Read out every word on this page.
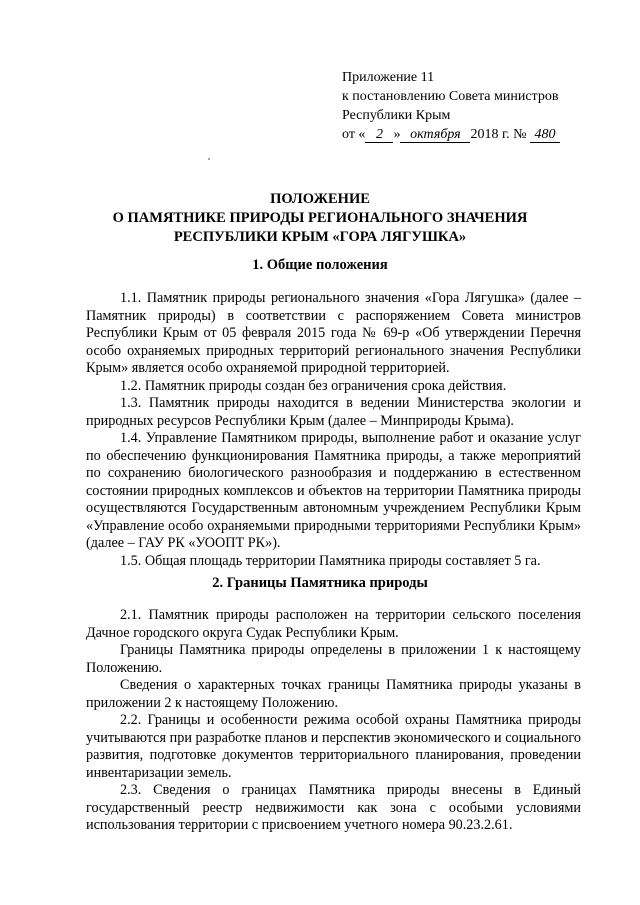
Приложение 11
к постановлению Совета министров
Республики Крым
от « 2 » октября 2018 г. № 480
ПОЛОЖЕНИЕ
О ПАМЯТНИКЕ ПРИРОДЫ РЕГИОНАЛЬНОГО ЗНАЧЕНИЯ
РЕСПУБЛИКИ КРЫМ «ГОРА ЛЯГУШКА»
1. Общие положения

1.1. Памятник природы регионального значения «Гора Лягушка» (далее – Памятник природы) в соответствии с распоряжением Совета министров Республики Крым от 05 февраля 2015 года № 69-р «Об утверждении Перечня особо охраняемых природных территорий регионального значения Республики Крым» является особо охраняемой природной территорией.

1.2. Памятник природы создан без ограничения срока действия.

1.3. Памятник природы находится в ведении Министерства экологии и природных ресурсов Республики Крым (далее – Минприроды Крыма).

1.4. Управление Памятником природы, выполнение работ и оказание услуг по обеспечению функционирования Памятника природы, а также мероприятий по сохранению биологического разнообразия и поддержанию в естественном состоянии природных комплексов и объектов на территории Памятника природы осуществляются Государственным автономным учреждением Республики Крым «Управление особо охраняемыми природными территориями Республики Крым» (далее – ГАУ РК «УООПТ РК»).

1.5. Общая площадь территории Памятника природы составляет 5 га.

2. Границы Памятника природы

2.1. Памятник природы расположен на территории сельского поселения Дачное городского округа Судак Республики Крым.

Границы Памятника природы определены в приложении 1 к настоящему Положению.

Сведения о характерных точках границы Памятника природы указаны в приложении 2 к настоящему Положению.

2.2. Границы и особенности режима особой охраны Памятника природы учитываются при разработке планов и перспектив экономического и социального развития, подготовке документов территориального планирования, проведении инвентаризации земель.

2.3. Сведения о границах Памятника природы внесены в Единый государственный реестр недвижимости как зона с особыми условиями использования территории с присвоением учетного номера 90.23.2.61.
